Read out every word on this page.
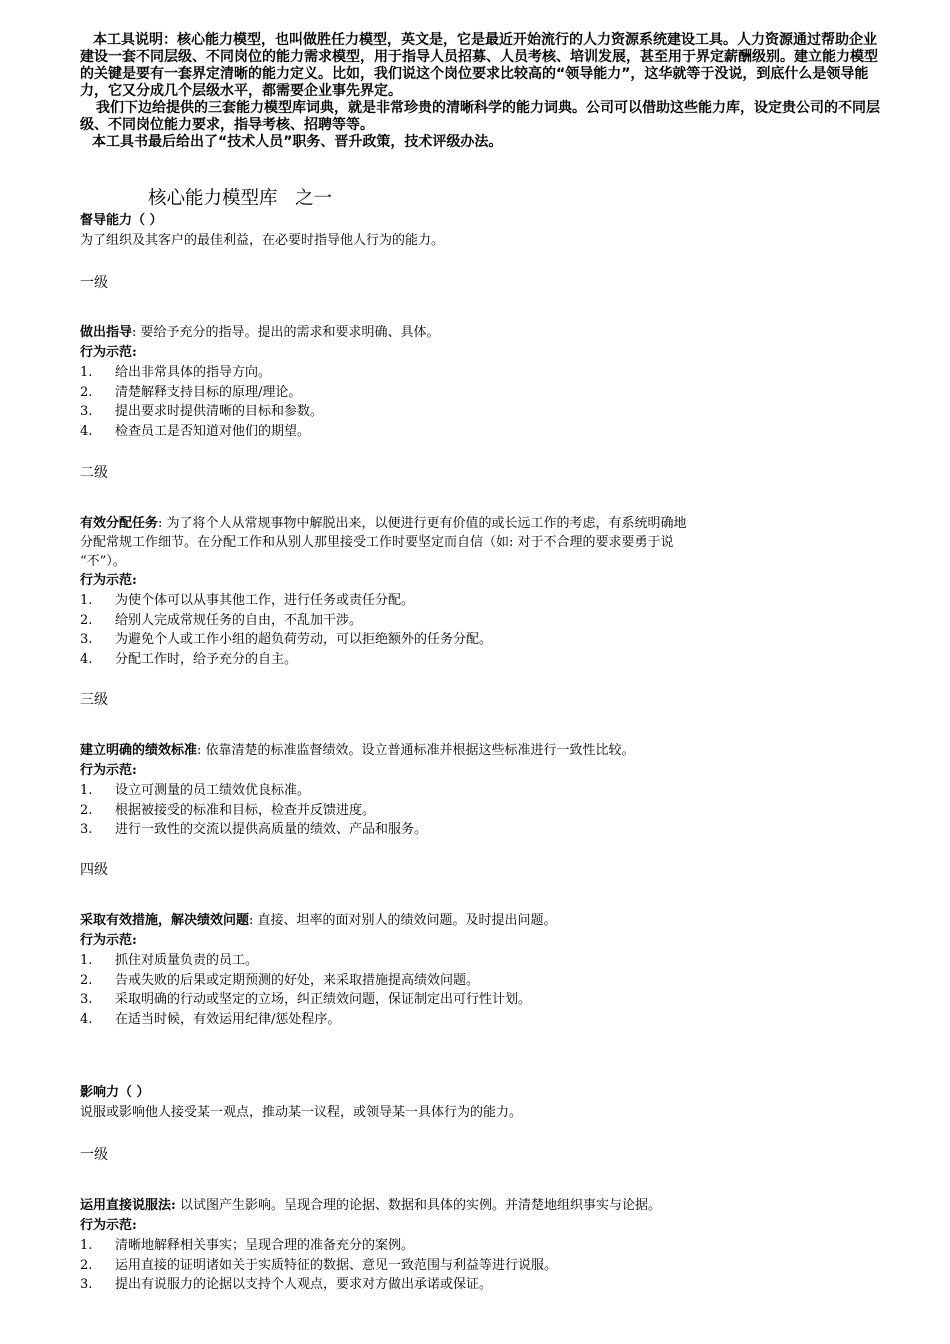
本工具说明：核心能力模型，也叫做胜任力模型，英文是，它是最近开始流行的人力资源系统建设工具。人力资源通过帮助企业建设一套不同层级、不同岗位的能力需求模型，用于指导人员招募、人员考核、培训发展，甚至用于界定薪酬级别。建立能力模型的关键是要有一套界定清晰的能力定义。比如，我们说这个岗位要求比较高的“领导能力”，这华就等于没说，到底什么是领导能力，它又分成几个层级水平，都需要企业事先界定。

我们下边给提供的三套能力模型库词典，就是非常珍贵的清晰科学的能力词典。公司可以借助这些能力库，设定贵公司的不同层级、不同岗位能力要求，指导考核、招聘等等。

本工具书最后给出了“技术人员”职务、晋升政策，技术评级办法。

核心能力模型库   之一

督导能力（ ）

为了组织及其客户的最佳利益，在必要时指导他人行为的能力。

一级

做出指导: 要给予充分的指导。提出的需求和要求明确、具体。

行为示范:

1.	给出非常具体的指导方向。

2.	清楚解释支持目标的原理/理论。

3.	提出要求时提供清晰的目标和参数。

4.	检查员工是否知道对他们的期望。

二级

有效分配任务: 为了将个人从常规事物中解脱出来，以便进行更有价值的或长远工作的考虑，有系统明确地

分配常规工作细节。在分配工作和从别人那里接受工作时要坚定而自信（如: 对于不合理的要求要勇于说

“不”）。

行为示范:

1.	为使个体可以从事其他工作，进行任务或责任分配。

2.	给别人完成常规任务的自由，不乱加干涉。

3.	为避免个人或工作小组的超负荷劳动，可以拒绝额外的任务分配。

4.	分配工作时，给予充分的自主。

三级

建立明确的绩效标准: 依靠清楚的标准监督绩效。设立普通标准并根据这些标准进行一致性比较。

行为示范:

1.	设立可测量的员工绩效优良标准。

2.	根据被接受的标准和目标，检查并反馈进度。

3.	进行一致性的交流以提供高质量的绩效、产品和服务。

四级

采取有效措施，解决绩效问题: 直接、坦率的面对别人的绩效问题。及时提出问题。

行为示范:

1.	抓住对质量负责的员工。

2.	告戒失败的后果或定期预测的好处，来采取措施提高绩效问题。

3.	采取明确的行动或坚定的立场，纠正绩效问题，保证制定出可行性计划。

4.	在适当时候，有效运用纪律/惩处程序。

影响力（ ）

说服或影响他人接受某一观点，推动某一议程，或领导某一具体行为的能力。

一级

运用直接说服法: 以试图产生影响。呈现合理的论据、数据和具体的实例。并清楚地组织事实与论据。

行为示范:

1.	清晰地解释相关事实；呈现合理的准备充分的案例。

2.	运用直接的证明诸如关于实质特征的数据、意见一致范围与利益等进行说服。

3.	提出有说服力的论据以支持个人观点，要求对方做出承诺或保证。
